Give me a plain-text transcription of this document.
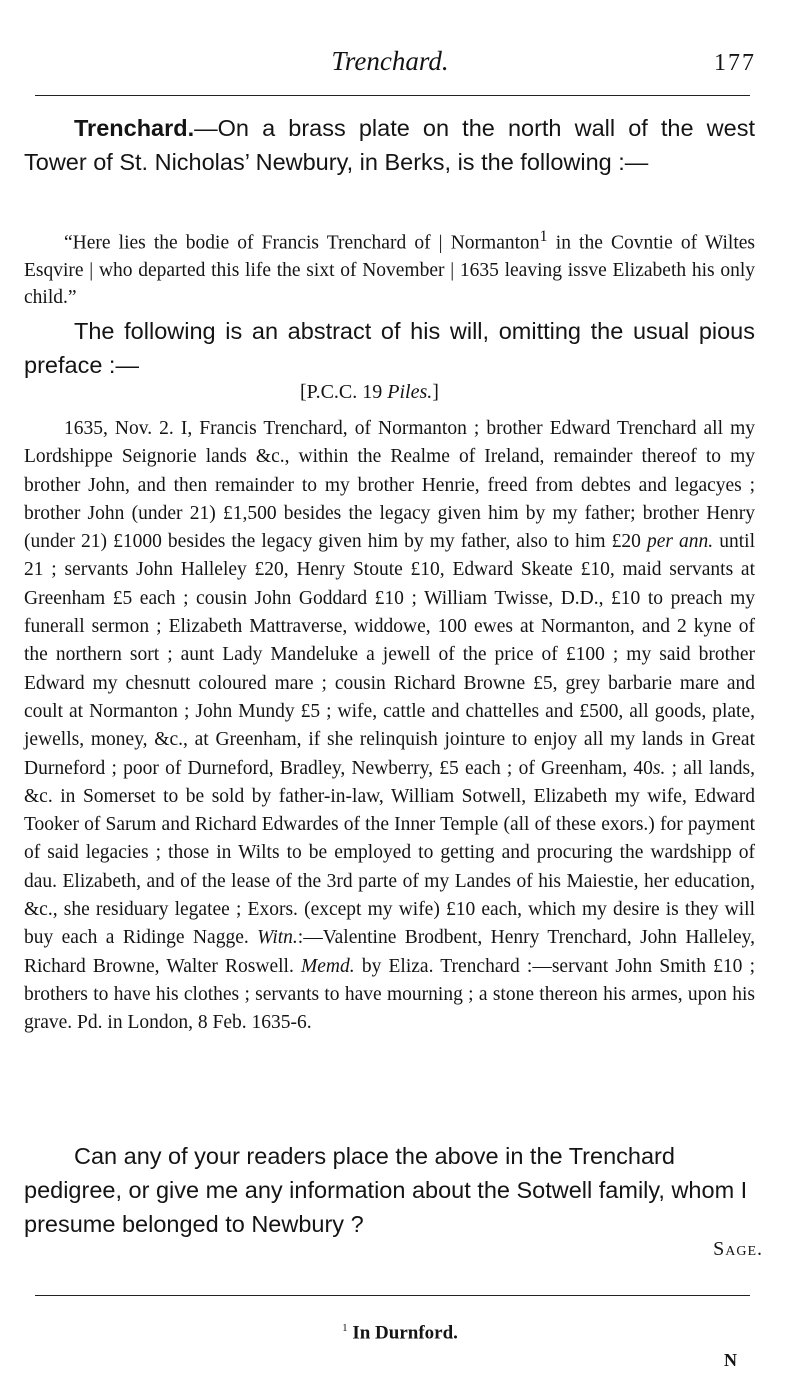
Trenchard.	177

Trenchard.—On a brass plate on the north wall of the west Tower of St. Nicholas’ Newbury, in Berks, is the following :—

“Here lies the bodie of Francis Trenchard of | Normanton$^1$ in the Covntie of Wiltes Esqvire | who departed this life the sixt of November | 1635 leaving issve Elizabeth his only child.”

The following is an abstract of his will, omitting the usual pious preface :—

[P.C.C. 19 Piles.]

1635, Nov. 2. I, Francis Trenchard, of Normanton ; brother Edward Trenchard all my Lordshippe Seignorie lands &c., within the Realme of Ireland, remainder thereof to my brother John, and then remainder to my brother Henrie, freed from debtes and legacyes ; brother John (under 21) £1,500 besides the legacy given him by my father; brother Henry (under 21) £1000 besides the legacy given him by my father, also to him £20 per ann. until 21 ; servants John Halleley £20, Henry Stoute £10, Edward Skeate £10, maid servants at Greenham £5 each ; cousin John Goddard £10 ; William Twisse, D.D., £10 to preach my funerall sermon ; Elizabeth Mattraverse, widdowe, 100 ewes at Normanton, and 2 kyne of the northern sort ; aunt Lady Mandeluke a jewell of the price of £100 ; my said brother Edward my chesnutt coloured mare ; cousin Richard Browne £5, grey barbarie mare and coult at Normanton ; John Mundy £5 ; wife, cattle and chattelles and £500, all goods, plate, jewells, money, &c., at Greenham, if she relinquish jointure to enjoy all my lands in Great Durneford ; poor of Durneford, Bradley, Newberry, £5 each ; of Greenham, 40s. ; all lands, &c. in Somerset to be sold by father-in-law, William Sotwell, Elizabeth my wife, Edward Tooker of Sarum and Richard Edwardes of the Inner Temple (all of these exors.) for payment of said legacies ; those in Wilts to be employed to getting and procuring the wardshipp of dau. Elizabeth, and of the lease of the 3rd parte of my Landes of his Maiestie, her education, &c., she residuary legatee ; Exors. (except my wife) £10 each, which my desire is they will buy each a Ridinge Nagge. Witn.:—Valentine Brodbent, Henry Trenchard, John Halleley, Richard Browne, Walter Roswell. Memd. by Eliza. Trenchard :—servant John Smith £10 ; brothers to have his clothes ; servants to have mourning ; a stone thereon his armes, upon his grave. Pd. in London, 8 Feb. 1635-6.

Can any of your readers place the above in the Trenchard pedigree, or give me any information about the Sotwell family, whom I presume belonged to Newbury ?

Sage.
$^1$ In Durnford.
N
